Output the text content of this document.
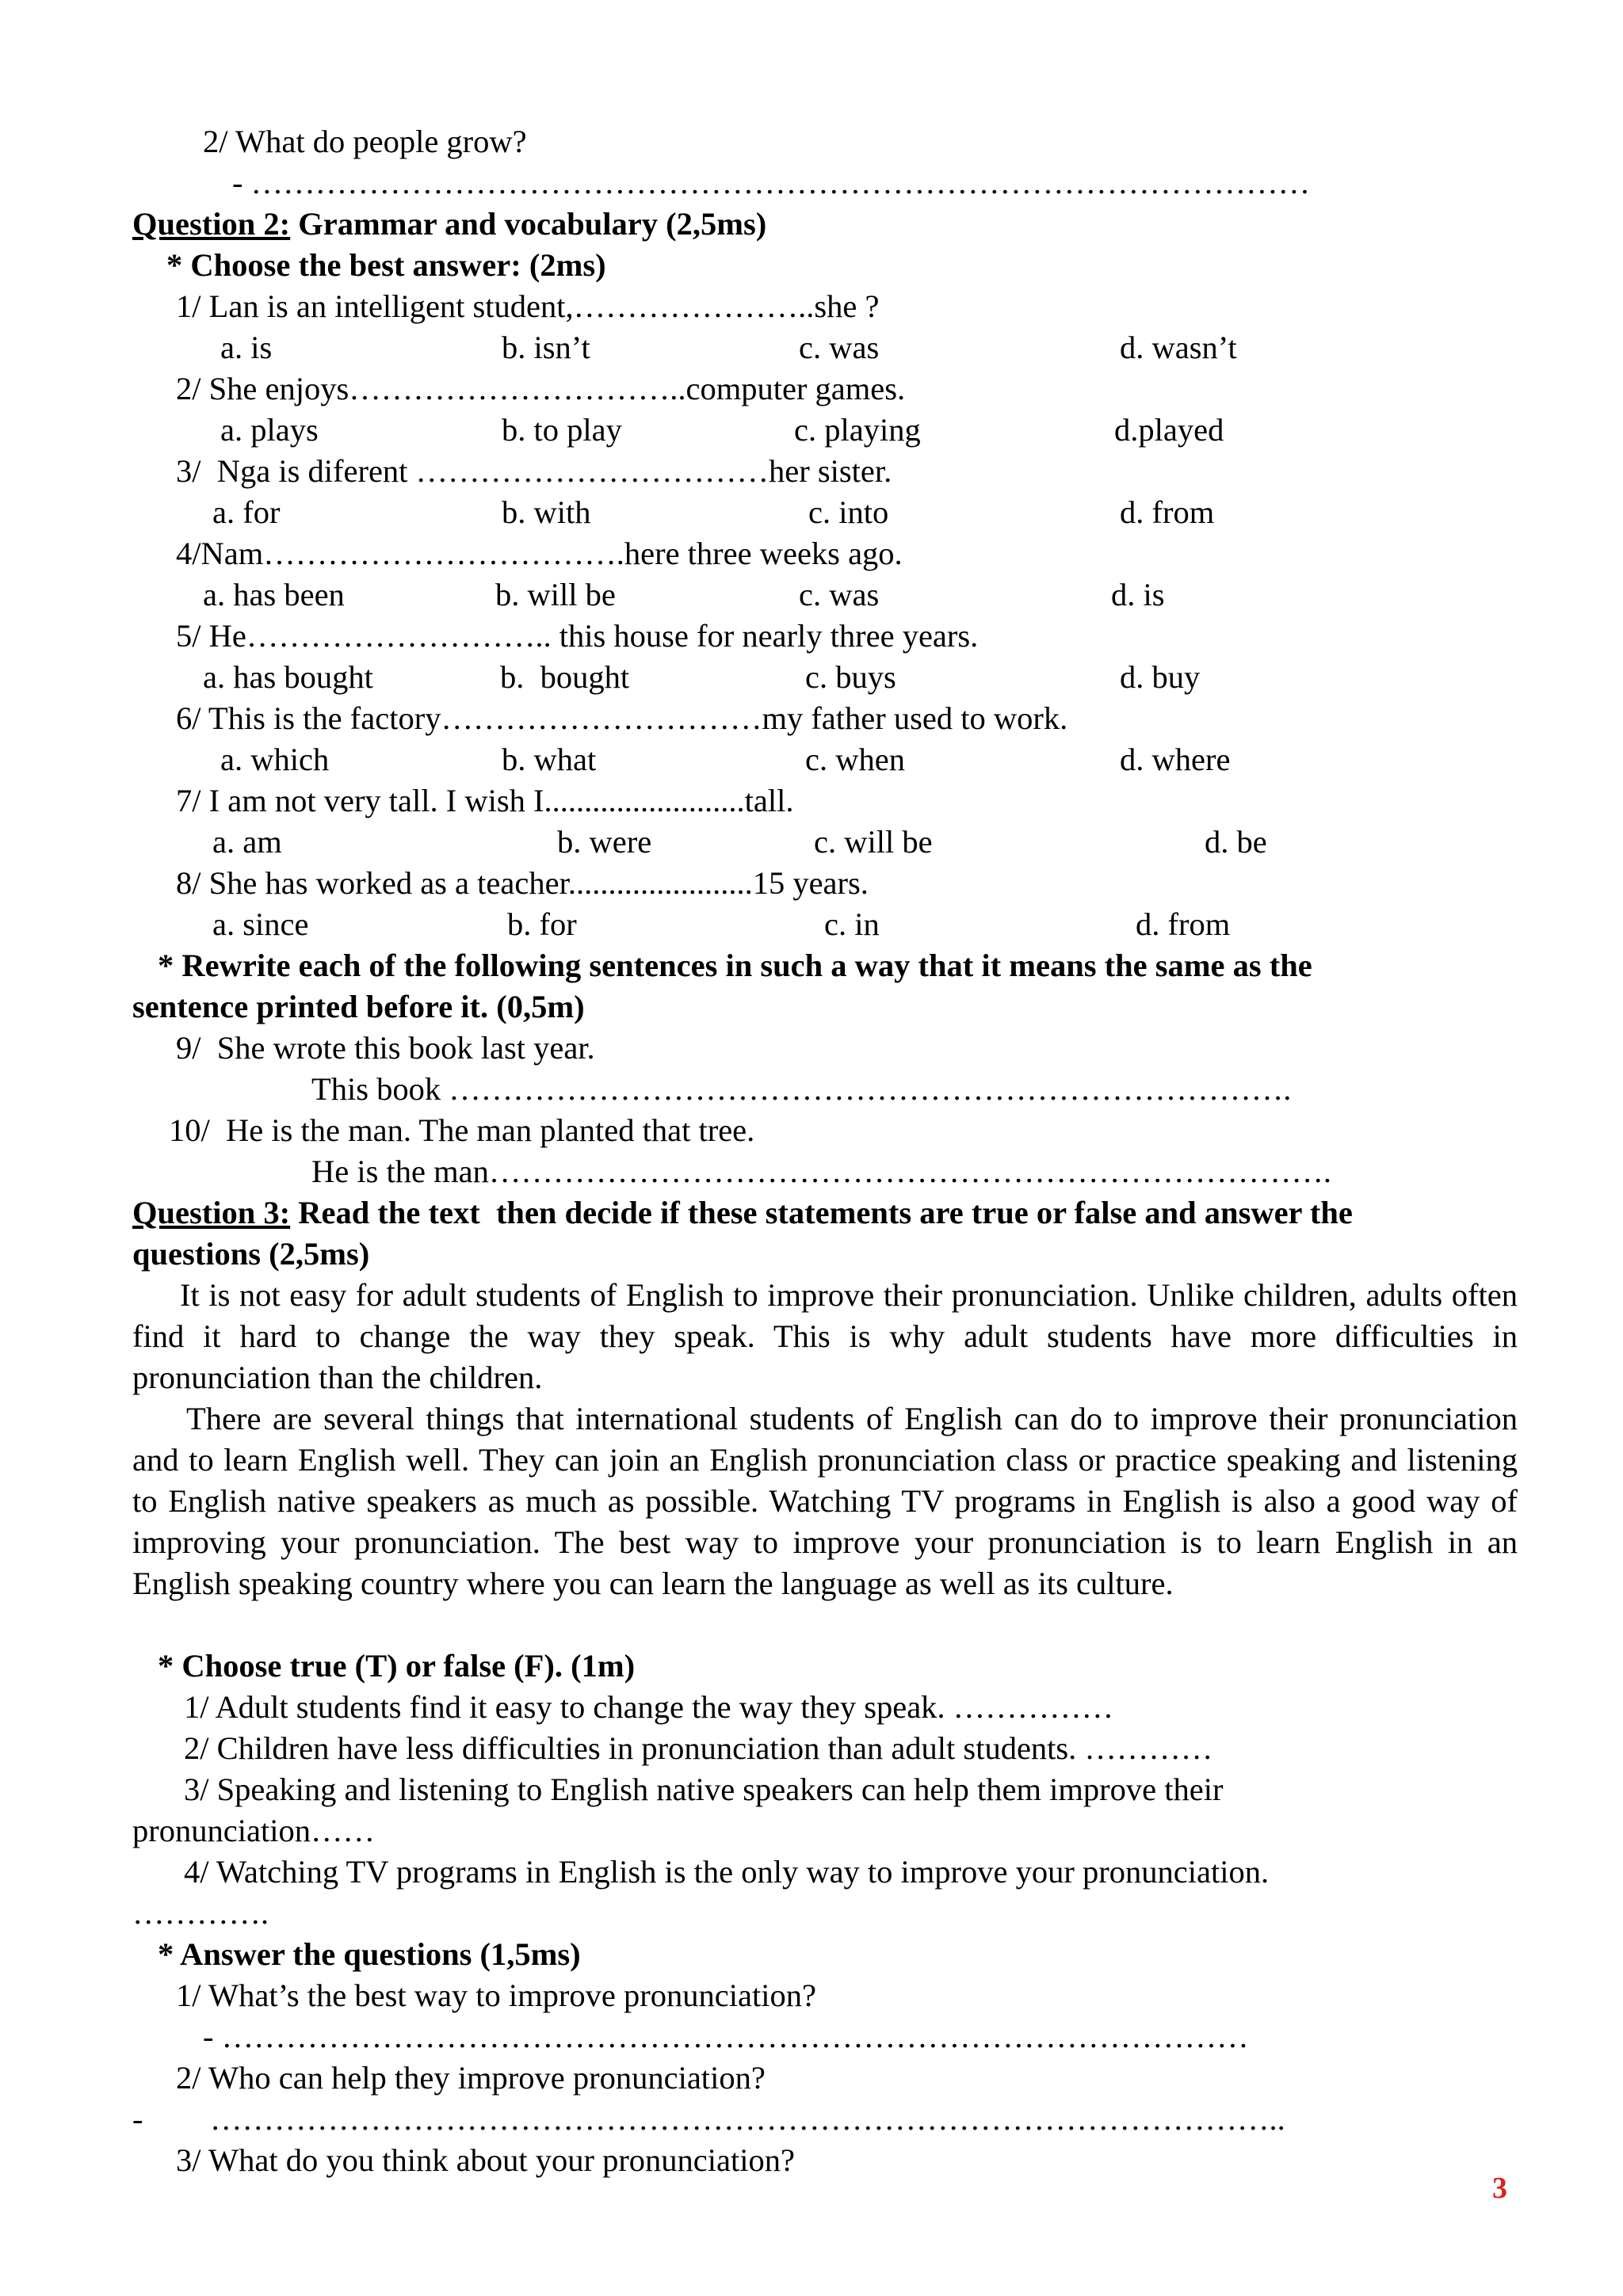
2/ What do people grow?
- ………………………………………………………………………………………
Question 2: Grammar and vocabulary (2,5ms)
* Choose the best answer: (2ms)
1/ Lan is an intelligent student,…………………..she ?
a. is	b. isn’t	c. was	d. wasn’t
2/ She enjoys…………………………..computer games.
a. plays	b. to play	c. playing	d.played
3/  Nga is diferent ……………………………her sister.
a. for	b. with	c. into	d. from
4/Nam…………………………….here three weeks ago.
a. has been	b. will be	c. was	d. is
5/ He……………………….. this house for nearly three years.
a. has bought	b.  bought	c. buys	d. buy
6/ This is the factory…………………………my father used to work.
a. which	b. what	c. when	d. where
7/ I am not very tall. I wish I.........................tall.
a. am	b. were	c. will be	d. be
8/ She has worked as a teacher.......................15 years.
a. since	b. for	c. in	d. from
* Rewrite each of the following sentences in such a way that it means the same as the
sentence printed before it. (0,5m)
9/  She wrote this book last year.
This book …………………………………………………………………….
10/  He is the man. The man planted that tree.
He is the man…………………………………………………………………….
Question 3: Read the text  then decide if these statements are true or false and answer the
questions (2,5ms)

It is not easy for adult students of English to improve their pronunciation. Unlike children, adults often find it hard to change the way they speak. This is why adult students have more difficulties in pronunciation than the children.

There are several things that international students of English can do to improve their pronunciation and to learn English well. They can join an English pronunciation class or practice speaking and listening to English native speakers as much as possible. Watching TV programs in English is also a good way of improving your pronunciation. The best way to improve your pronunciation is to learn English in an English speaking country where you can learn the language as well as its culture.

* Choose true (T) or false (F). (1m)
1/ Adult students find it easy to change the way they speak. ……………
2/ Children have less difficulties in pronunciation than adult students. …………
3/ Speaking and listening to English native speakers can help them improve their
pronunciation……
4/ Watching TV programs in English is the only way to improve your pronunciation.
………….
* Answer the questions (1,5ms)
1/ What’s the best way to improve pronunciation?
- ……………………………………………………………………………………
2/ Who can help they improve pronunciation?
- ………………………………………………………………………………………..
3/ What do you think about your pronunciation?
3
